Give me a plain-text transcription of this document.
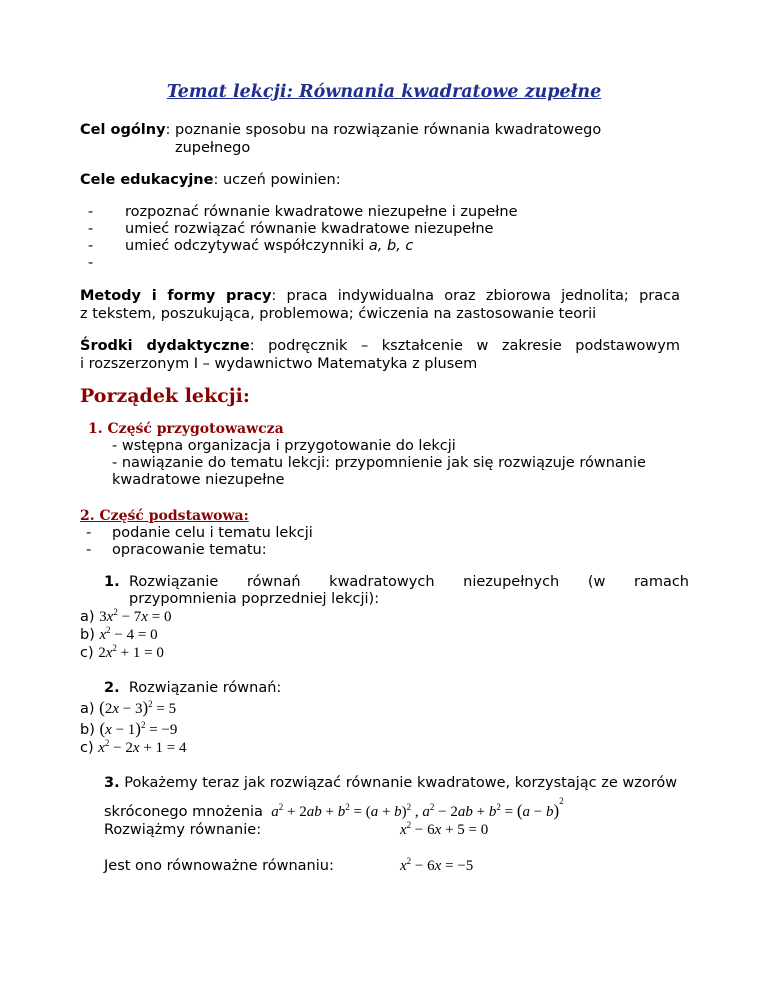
Temat lekcji: Równania kwadratowe zupełne
Cel ogólny: poznanie sposobu na rozwiązanie równania kwadratowego
zupełnego
Cele edukacyjne: uczeń powinien:
- rozpoznać równanie kwadratowe niezupełne i zupełne
- umieć rozwiązać równanie kwadratowe niezupełne
- umieć odczytywać współczynniki a, b, c
-
Metody i formy pracy: praca indywidualna oraz zbiorowa jednolita; praca
z tekstem, poszukująca, problemowa; ćwiczenia na zastosowanie teorii
Środki dydaktyczne: podręcznik – kształcenie w zakresie podstawowym
i rozszerzonym I – wydawnictwo Matematyka z plusem
Porządek lekcji:
1. Część przygotowawcza
- wstępna organizacja i przygotowanie do lekcji
- nawiązanie do tematu lekcji: przypomnienie jak się rozwiązuje równanie
kwadratowe niezupełne
2. Część podstawowa:
- podanie celu i tematu lekcji
- opracowanie tematu:
1. Rozwiązanie równań kwadratowych niezupełnych (w ramach
przypomnienia poprzedniej lekcji):
a) $3x^2 - 7x = 0$
b) $x^2 - 4 = 0$
c) $2x^2 + 1 = 0$
2. Rozwiązanie równań:
a) $(2x - 3)^2 = 5$
b) $(x - 1)^2 = -9$
c) $x^2 - 2x + 1 = 4$
3. Pokażemy teraz jak rozwiązać równanie kwadratowe, korzystając ze wzorów
skróconego mnożenia  $a^2 + 2ab + b^2 = (a + b)^2$ , $a^2 - 2ab + b^2 = (a - b)^2$
Rozwiążmy równanie:	$x^2 - 6x + 5 = 0$
Jest ono równoważne równaniu:	$x^2 - 6x = -5$
